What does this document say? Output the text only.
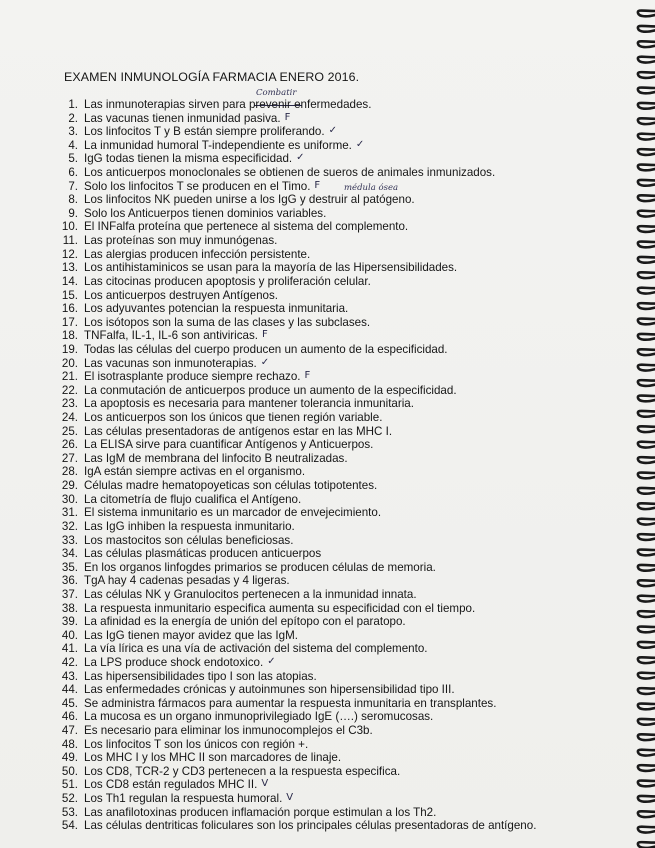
EXAMEN INMUNOLOGÍA FARMACIA ENERO 2016.
Combatir
médula ósea
1. Las inmunoterapias sirven para prevenir enfermedades.
2. Las vacunas tienen inmunidad pasiva. F
3. Los linfocitos T y B están siempre proliferando. ✓
4. La inmunidad humoral T-independiente es uniforme. ✓
5. IgG todas tienen la misma especificidad. ✓
6. Los anticuerpos monoclonales se obtienen de sueros de animales inmunizados.
7. Solo los linfocitos T se producen en el Timo. F
8. Los linfocitos NK pueden unirse a los IgG y destruir al patógeno.
9. Solo los Anticuerpos tienen dominios variables.
10. El INFalfa proteína que pertenece al sistema del complemento.
11. Las proteínas son muy inmunógenas.
12. Las alergias producen infección persistente.
13. Los antihistaminicos se usan para la mayoría de las Hipersensibilidades.
14. Las citocinas producen apoptosis y proliferación celular.
15. Los anticuerpos destruyen Antígenos.
16. Los adyuvantes potencian la respuesta inmunitaria.
17. Los isótopos son la suma de las clases y las subclases.
18. TNFalfa, IL-1, IL-6 son antiviricas. F
19. Todas las células del cuerpo producen un aumento de la especificidad.
20. Las vacunas son inmunoterapias. ✓
21. El isotrasplante produce siempre rechazo. F
22. La conmutación de anticuerpos produce un aumento de la especificidad.
23. La apoptosis es necesaria para mantener tolerancia inmunitaria.
24. Los anticuerpos son los únicos que tienen región variable.
25. Las células presentadoras de antígenos estar en las MHC I.
26. La ELISA sirve para cuantificar Antígenos y Anticuerpos.
27. Las IgM de membrana del linfocito B neutralizadas.
28. IgA están siempre activas en el organismo.
29. Células madre hematopoyeticas son células totipotentes.
30. La citometría de flujo cualifica el Antígeno.
31. El sistema inmunitario es un marcador de envejecimiento.
32. Las IgG inhiben la respuesta inmunitario.
33. Los mastocitos son células beneficiosas.
34. Las células plasmáticas producen anticuerpos
35. En los organos linfogdes primarios se producen células de memoria.
36. TgA hay 4 cadenas pesadas y 4 ligeras.
37. Las células NK y Granulocitos pertenecen a la inmunidad innata.
38. La respuesta inmunitario especifica aumenta su especificidad con el tiempo.
39. La afinidad es la energía de unión del epítopo con el paratopo.
40. Las IgG tienen mayor avidez que las IgM.
41. La vía lírica es una vía de activación del sistema del complemento.
42. La LPS produce shock endotoxico. ✓
43. Las hipersensibilidades tipo I son las atopias.
44. Las enfermedades crónicas y autoinmunes son hipersensibilidad tipo III.
45. Se administra fármacos para aumentar la respuesta inmunitaria en transplantes.
46. La mucosa es un organo inmunoprivilegiado IgE (….) seromucosas.
47. Es necesario para eliminar los inmunocomplejos el C3b.
48. Los linfocitos T son los únicos con región +.
49. Los MHC I y los MHC II son marcadores de linaje.
50. Los CD8, TCR-2 y CD3 pertenecen a la respuesta especifica.
51. Los CD8 están regulados MHC II. V
52. Los Th1 regulan la respuesta humoral. V
53. Las anafilotoxinas producen inflamación porque estimulan a los Th2.
54. Las células dentriticas foliculares son los principales células presentadoras de antígeno.
